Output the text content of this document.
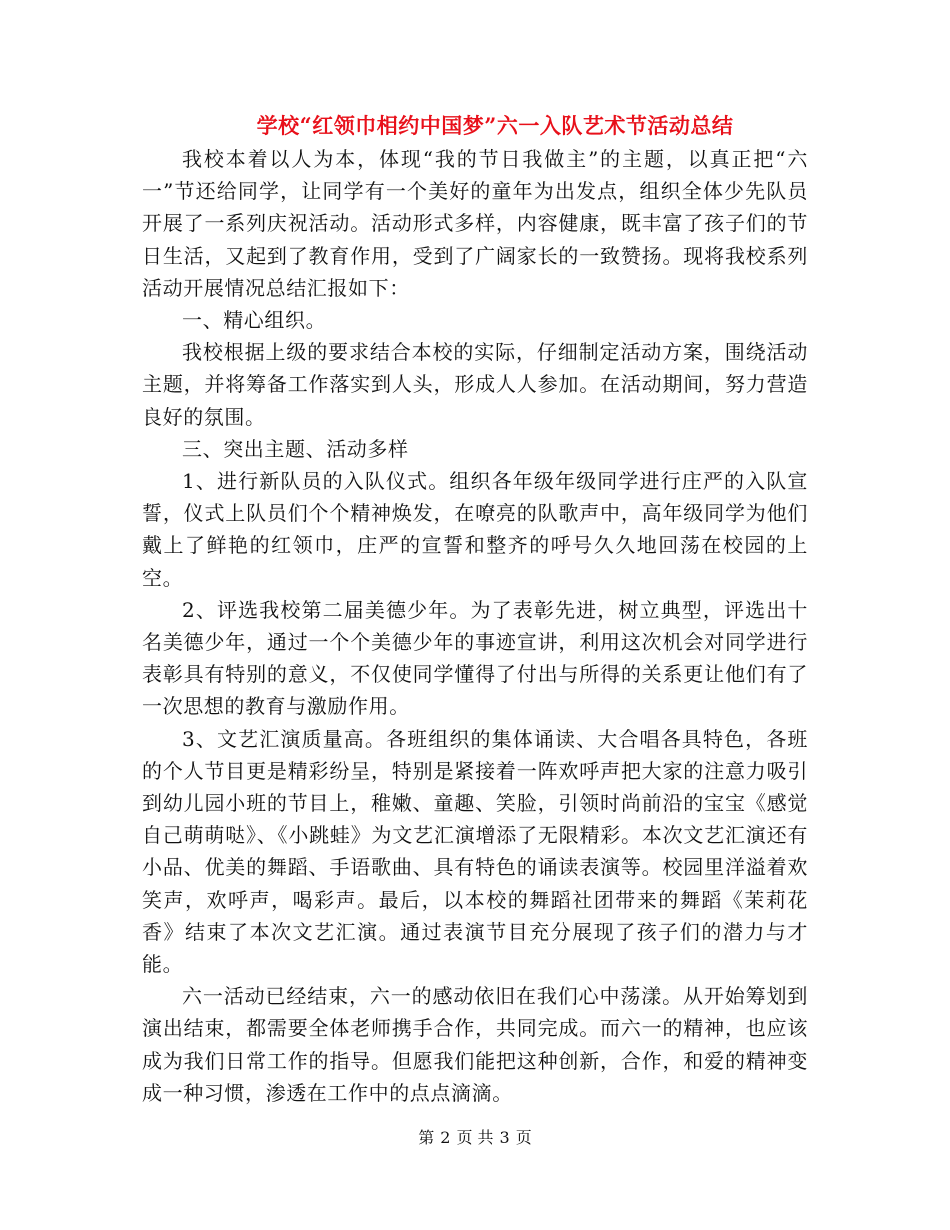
学校“红领巾相约中国梦”六一入队艺术节活动总结

我校本着以人为本，体现“我的节日我做主”的主题，以真正把“六一”节还给同学，让同学有一个美好的童年为出发点，组织全体少先队员开展了一系列庆祝活动。活动形式多样，内容健康，既丰富了孩子们的节日生活，又起到了教育作用，受到了广阔家长的一致赞扬。现将我校系列活动开展情况总结汇报如下：

一、精心组织。

我校根据上级的要求结合本校的实际，仔细制定活动方案，围绕活动主题，并将筹备工作落实到人头，形成人人参加。在活动期间，努力营造良好的氛围。

三、突出主题、活动多样

1、进行新队员的入队仪式。组织各年级年级同学进行庄严的入队宣誓，仪式上队员们个个精神焕发，在嘹亮的队歌声中，高年级同学为他们戴上了鲜艳的红领巾，庄严的宣誓和整齐的呼号久久地回荡在校园的上空。

2、评选我校第二届美德少年。为了表彰先进，树立典型，评选出十名美德少年，通过一个个美德少年的事迹宣讲，利用这次机会对同学进行表彰具有特别的意义，不仅使同学懂得了付出与所得的关系更让他们有了一次思想的教育与激励作用。

3、文艺汇演质量高。各班组织的集体诵读、大合唱各具特色，各班的个人节目更是精彩纷呈，特别是紧接着一阵欢呼声把大家的注意力吸引到幼儿园小班的节目上，稚嫩、童趣、笑脸，引领时尚前沿的宝宝《感觉自己萌萌哒》、《小跳蛙》为文艺汇演增添了无限精彩。本次文艺汇演还有小品、优美的舞蹈、手语歌曲、具有特色的诵读表演等。校园里洋溢着欢笑声，欢呼声，喝彩声。最后，以本校的舞蹈社团带来的舞蹈《茉莉花香》结束了本次文艺汇演。通过表演节目充分展现了孩子们的潜力与才能。

六一活动已经结束，六一的感动依旧在我们心中荡漾。从开始筹划到演出结束，都需要全体老师携手合作，共同完成。而六一的精神，也应该成为我们日常工作的指导。但愿我们能把这种创新，合作，和爱的精神变成一种习惯，渗透在工作中的点点滴滴。

第 2 页 共 3 页
